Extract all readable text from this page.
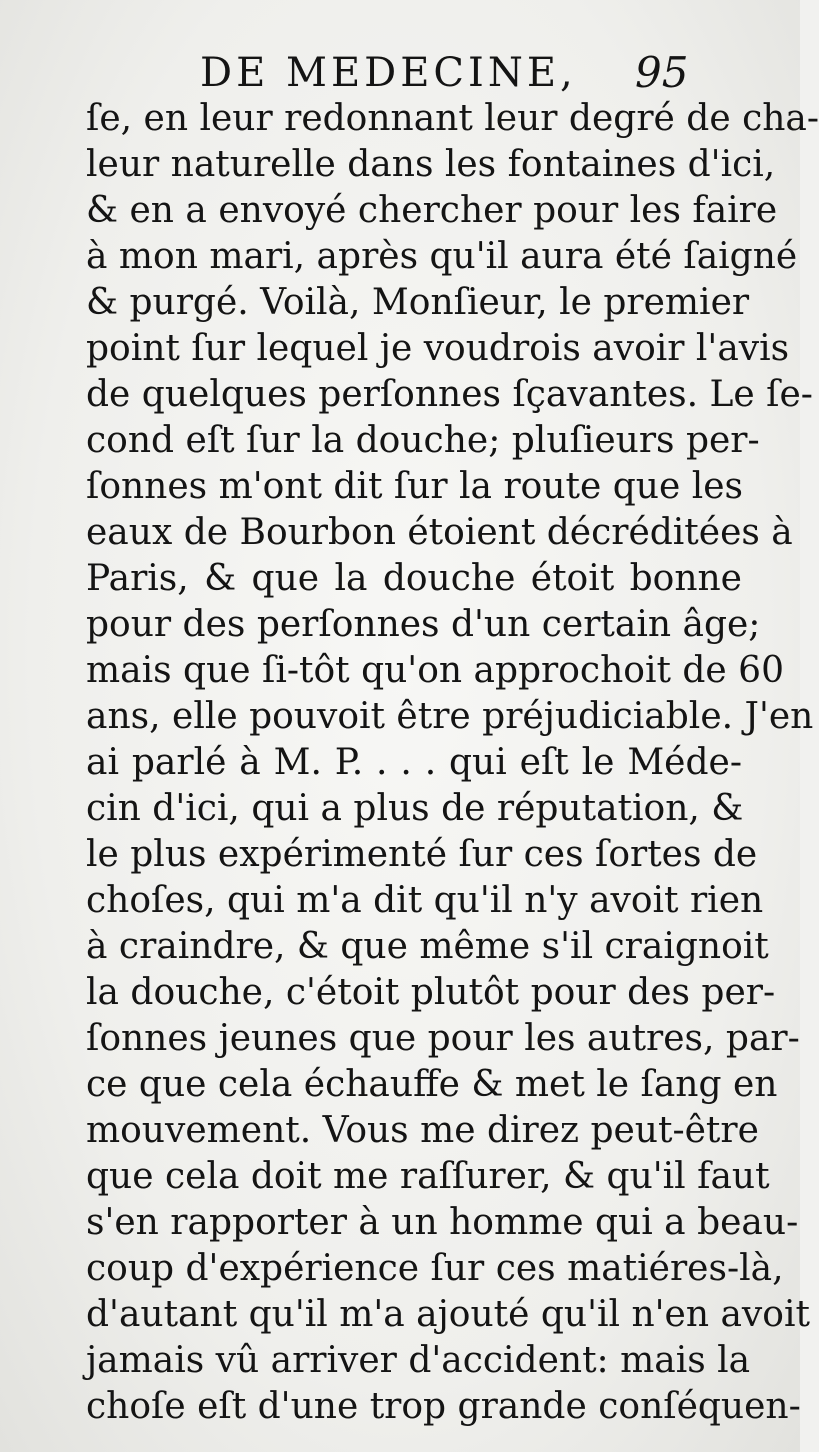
DE MEDECINE, 95
ſe, en leur redonnant leur degré de cha-
leur naturelle dans les fontaines d'ici,
& en a envoyé chercher pour les faire
à mon mari, après qu'il aura été ſaigné
& purgé. Voilà, Monſieur, le premier
point ſur lequel je voudrois avoir l'avis
de quelques perſonnes ſçavantes. Le ſe-
cond eſt ſur la douche; pluſieurs per-
ſonnes m'ont dit ſur la route que les
eaux de Bourbon étoient décréditées à
Paris, & que la douche étoit bonne
pour des perſonnes d'un certain âge;
mais que ſi-tôt qu'on approchoit de 60
ans, elle pouvoit être préjudiciable. J'en
ai parlé à M. P. . . . qui eſt le Méde-
cin d'ici, qui a plus de réputation, &
le plus expérimenté ſur ces ſortes de
choſes, qui m'a dit qu'il n'y avoit rien
à craindre, & que même s'il craignoit
la douche, c'étoit plutôt pour des per-
ſonnes jeunes que pour les autres, par-
ce que cela échauffe & met le ſang en
mouvement. Vous me direz peut-être
que cela doit me raſſurer, & qu'il faut
s'en rapporter à un homme qui a beau-
coup d'expérience ſur ces matiéres-là,
d'autant qu'il m'a ajouté qu'il n'en avoit
jamais vû arriver d'accident: mais la
choſe eſt d'une trop grande conſéquen-
